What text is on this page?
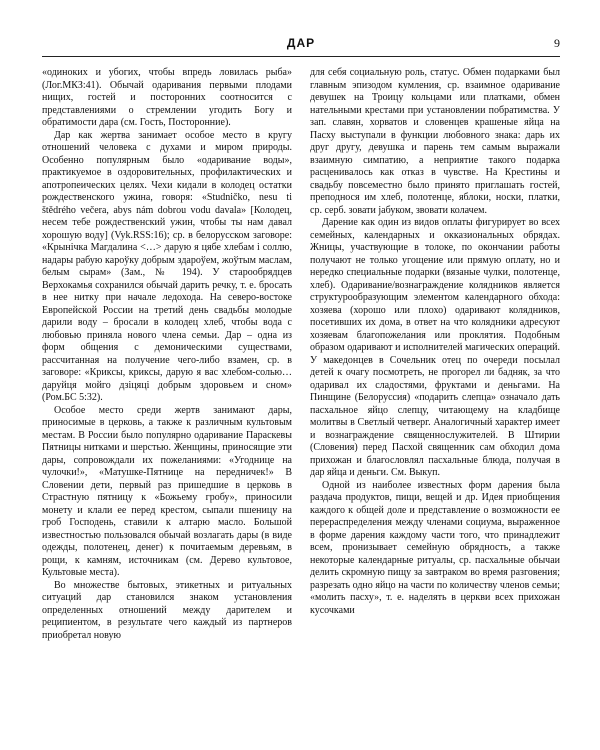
ДАР	9

«одиноких и убогих, чтобы впредь ловилась рыба» (Лог.МКЗ:41). Обычай одаривания первыми плодами нищих, гостей и посторонних соотносится с представлениями о стремлении угодить Богу и обратимости дара (см. Гость, Посторонние).

Дар как жертва занимает особое место в кругу отношений человека с духами и миром природы. Особенно популярным было «одаривание воды», практикуемое в оздоровительных, профилактических и апотропеических целях. Чехи кидали в колодец остатки рождественского ужина, говоря: «Studničko, nesu ti štědrého večera, abys nám dobrou vodu davala» [Колодец, несем тебе рождественский ужин, чтобы ты нам давал хорошую воду] (Vyk.RSS:16); ср. в белорусском заговоре: «Крынічка Магдалина <…> дарую я цябе хлебам і соллю, надары рабую кароўку добрым здароўем, жоўтым маслам, белым сырам» (Зам., № 194). У старообрядцев Верхокамья сохранился обычай дарить речку, т. е. бросать в нее нитку при начале ледохода. На северо-востоке Европейской России на третий день свадьбы молодые дарили воду – бросали в колодец хлеб, чтобы вода с любовью приняла нового члена семьи. Дар – одна из форм общения с демоническими существами, рассчитанная на получение чего-либо взамен, ср. в заговоре: «Крикcы, крикcы, дарую я вас хлебом-солью… даруйця мойго дзіцяці добрым здоровьем и сном» (Ром.БС 5:32).

Особое место среди жертв занимают дары, приносимые в церковь, а также к различным культовым местам. В России было популярно одаривание Параскевы Пятницы нитками и шерстью. Женщины, приносящие эти дары, сопровождали их пожеланиями: «Угоднице на чулочки!», «Матушке-Пятнице на передничек!» В Словении дети, первый раз пришедшие в церковь в Страстную пятницу к «Божьему гробу», приносили монету и клали ее перед крестом, сыпали пшеницу на гроб Господень, ставили к алтарю масло. Большой известностью пользовался обычай возлагать дары (в виде одежды, полотенец, денег) к почитаемым деревьям, в рощи, к камням, источникам (см. Дерево культовое, Культовые места).

Во множестве бытовых, этикетных и ритуальных ситуаций дар становился знаком установления определенных отношений между дарителем и реципиентом, в результате чего каждый из партнеров приобретал новую

для себя социальную роль, статус. Обмен подарками был главным эпизодом кумления, ср. взаимное одаривание девушек на Троицу кольцами или платками, обмен нательными крестами при установлении побратимства. У зап. славян, хорватов и словенцев крашеные яйца на Пасху выступали в функции любовного знака: дарь их друг другу, девушка и парень тем самым выражали взаимную симпатию, а неприятие такого подарка расценивалось как отказ в чувстве. На Крестины и свадьбу повсеместно было принято приглашать гостей, преподнося им хлеб, полотенце, яблоки, носки, платки, ср. серб. зовати јабуком, звовати колачем.

Дарение как один из видов оплаты фигурирует во всех семейных, календарных и окказиональных обрядах. Жницы, участвующие в толоке, по окончании работы получают не только угощение или прямую оплату, но и нередко специальные подарки (вязаные чулки, полотенце, хлеб). Одаривание/вознаграждение колядников является структурообразующим элементом календарного обхода: хозяева (хорошо или плохо) одаривают колядников, посетивших их дома, в ответ на что колядники адресуют хозяевам благопожелания или проклятия. Подобным образом одаривают и исполнителей магических операций. У македонцев в Сочельник отец по очереди посылал детей к очагу посмотреть, не прогорел ли бадняк, за что одаривал их сладостями, фруктами и деньгами. На Пинщине (Белоруссия) «подарить слепца» означало дать пасхальное яйцо слепцу, читающему на кладбище молитвы в Светлый четверг. Аналогичный характер имеет и вознаграждение священнослужителей. В Штирии (Словения) перед Пасхой священник сам обходил дома прихожан и благословлял пасхальные блюда, получая в дар яйца и деньги. См. Выкуп.

Одной из наиболее известных форм дарения была раздача продуктов, пищи, вещей и др. Идея приобщения каждого к общей доле и представление о возможности ее перераспределения между членами социума, выраженное в форме дарения каждому части того, что принадлежит всем, пронизывает семейную обрядность, а также некоторые календарные ритуалы, ср. пасхальные обычаи делить скромную пищу за завтраком во время разговения; разрезать одно яйцо на части по количеству членов семьи; «молить пасху», т. е. наделять в церкви всех прихожан кусочками
